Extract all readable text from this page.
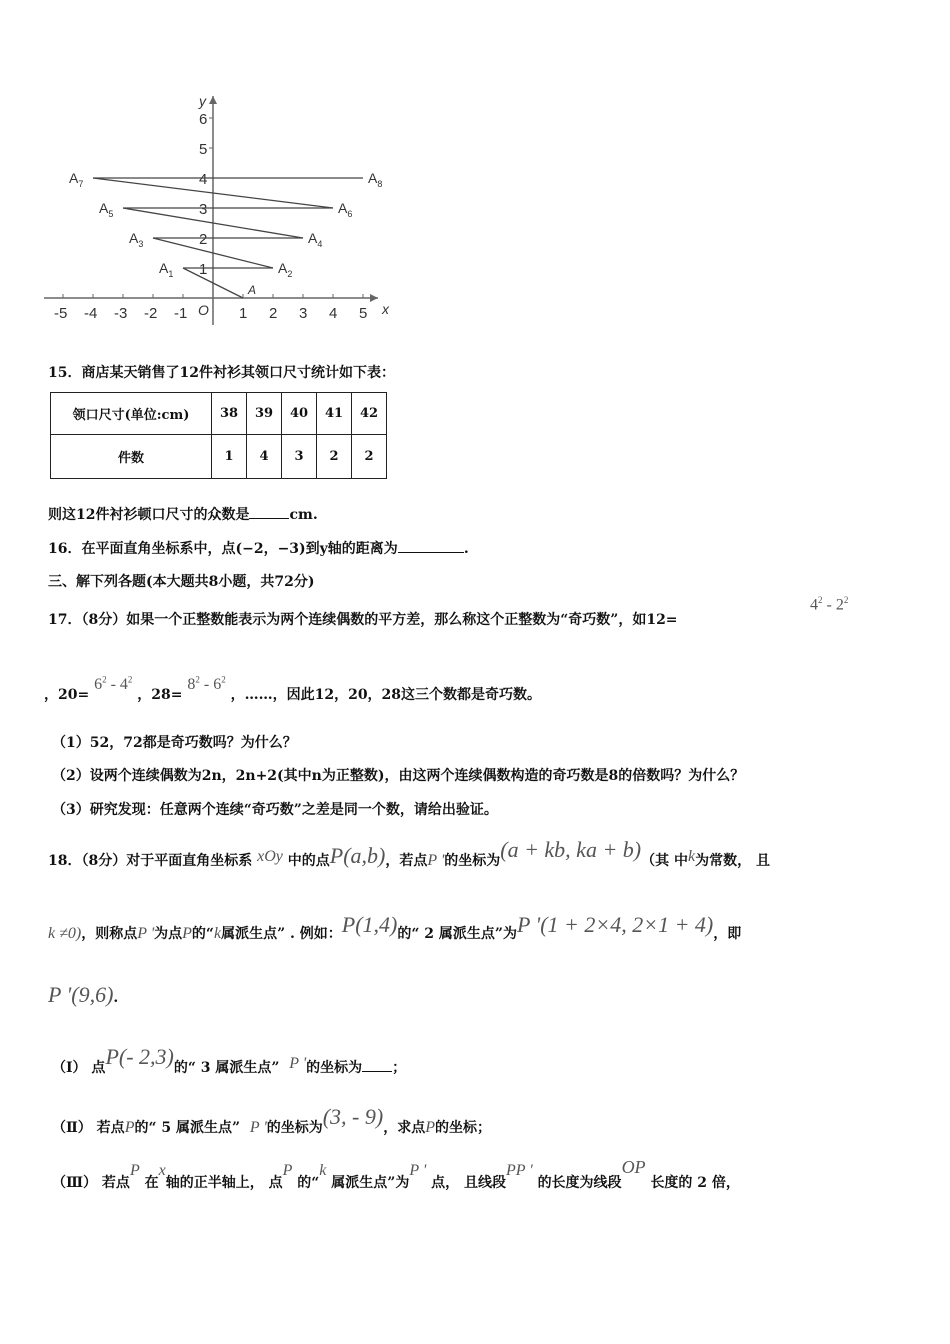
x
y
O
-5 -4 -3 -2 -1	1 2 3 4 5
1
2
3
4
5
6
A
$A_1$	$A_2$
$A_3$	$A_4$
$A_5$	$A_6$
$A_7$	$A_8$
15．商店某天销售了12件衬衫其领口尺寸统计如下表：
领口尺寸(单位:cm)	38	39	40	41	42
件数	1	4	3	2	2
则这12件衬衫顿口尺寸的众数是	cm.
16．在平面直角坐标系中，点(−2，−3)到y轴的距离为	.
三、解下列各题(本大题共8小题，共72分)
17．（8分）如果一个正整数能表示为两个连续偶数的平方差，那么称这个正整数为“奇巧数”，如12=
$4^2 - 2^2$
，$20= 6^2 - 4^2$ ，$28= 8^2 - 6^2$ ，……，因此12，20，28这三个数都是奇巧数。
（1）52，72都是奇巧数吗？为什么？
（2）设两个连续偶数为2n，2n+2(其中n为正整数)，由这两个连续偶数构造的奇巧数是8的倍数吗？为什么？
（3）研究发现：任意两个连续“奇巧数”之差是同一个数，请给出验证。
18．（8分）对于平面直角坐标系 xOy 中的点P(a,b)，若点P '的坐标为(a + kb, ka + b)（其 中k为常数， 且
k ≠0)，则称点P '为点P的“k属派生点” . 例如：P(1,4)的“ 2 属派生点”为P '(1 + 2×4, 2×1 + 4)，即
P '(9,6).
（Ⅰ） 点P(- 2,3)的“ 3 属派生点” P '的坐标为 ；
（Ⅱ） 若点P的“ 5 属派生点” P '的坐标为(3, - 9)，求点P的坐标；
（Ⅲ） 若点P 在x轴的正半轴上， 点P 的“k 属派生点”为P ' 点， 且线段PP ' 的长度为线段OP 长度的 2 倍，
